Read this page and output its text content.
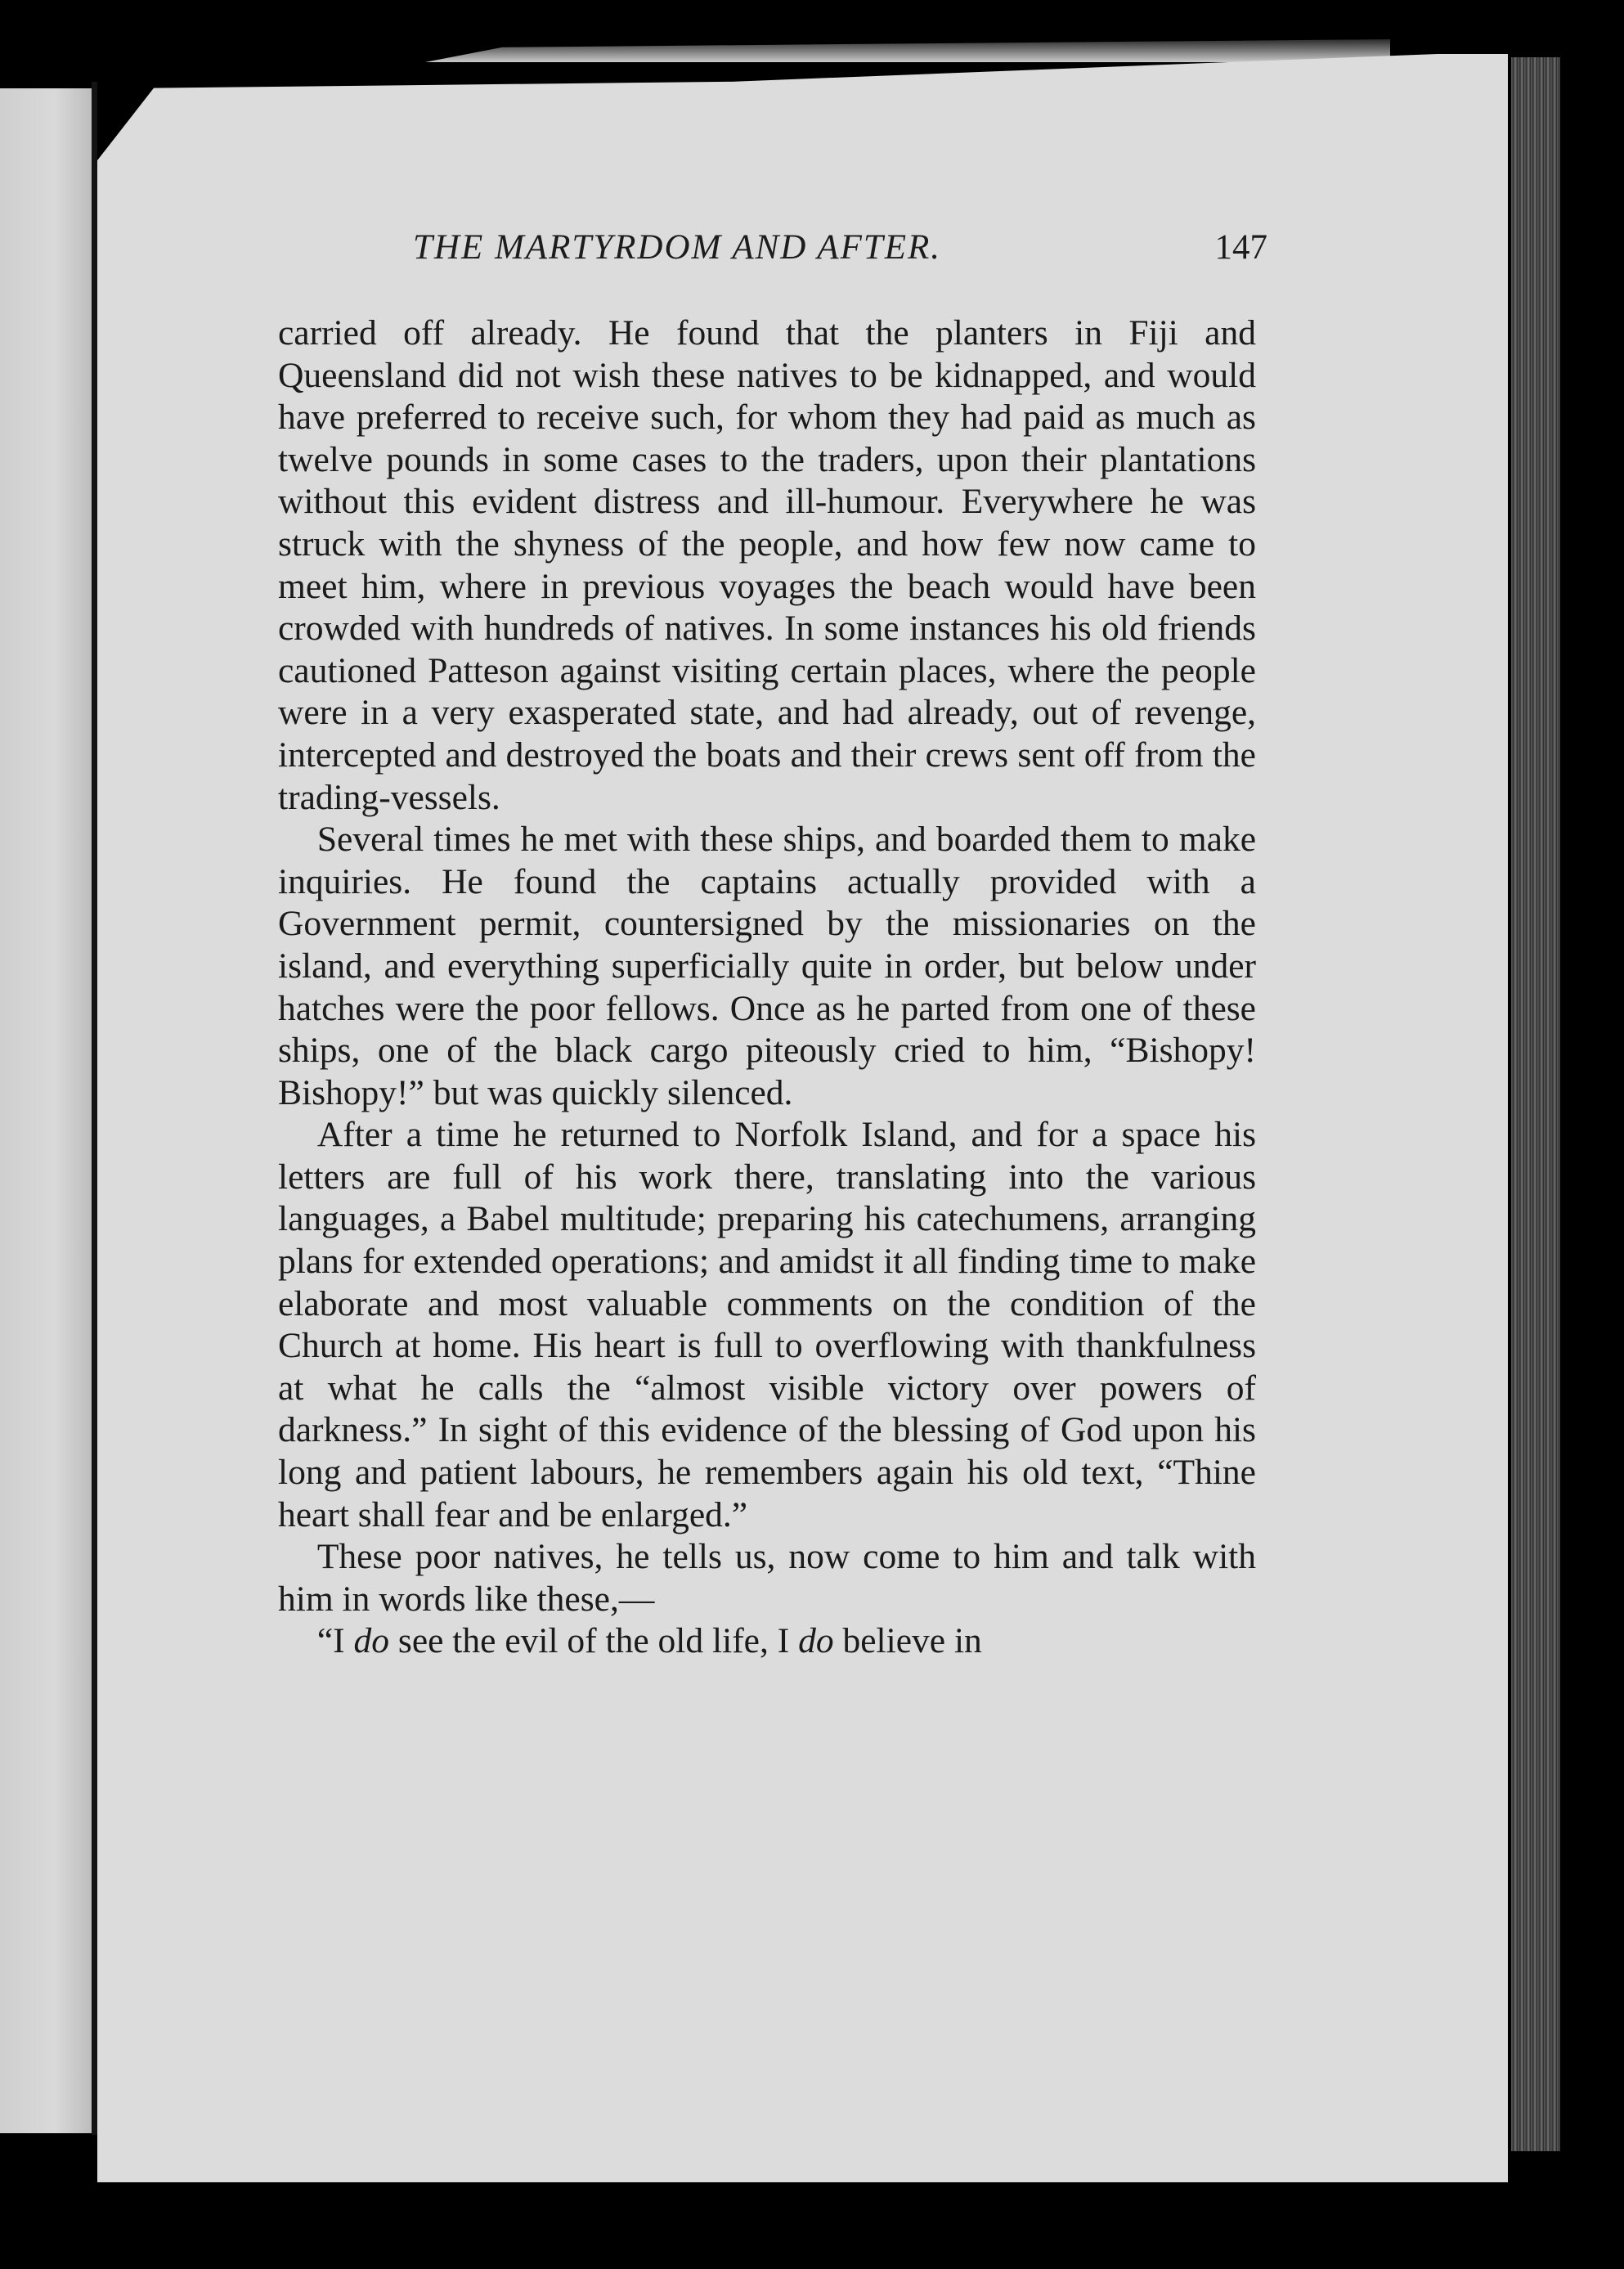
THE MARTYRDOM AND AFTER.	147

carried off already. He found that the planters in Fiji and Queensland did not wish these natives to be kidnapped, and would have preferred to receive such, for whom they had paid as much as twelve pounds in some cases to the traders, upon their plantations without this evident distress and ill-humour. Everywhere he was struck with the shyness of the people, and how few now came to meet him, where in previous voyages the beach would have been crowded with hundreds of natives. In some instances his old friends cautioned Patteson against visiting certain places, where the people were in a very exasperated state, and had already, out of revenge, intercepted and destroyed the boats and their crews sent off from the trading-vessels.

Several times he met with these ships, and boarded them to make inquiries. He found the captains actually provided with a Government permit, countersigned by the missionaries on the island, and everything superficially quite in order, but below under hatches were the poor fellows. Once as he parted from one of these ships, one of the black cargo piteously cried to him, “Bishopy! Bishopy!” but was quickly silenced.

After a time he returned to Norfolk Island, and for a space his letters are full of his work there, translating into the various languages, a Babel multitude; preparing his catechumens, arranging plans for extended operations; and amidst it all finding time to make elaborate and most valuable comments on the condition of the Church at home. His heart is full to overflowing with thankfulness at what he calls the “almost visible victory over powers of darkness.” In sight of this evidence of the blessing of God upon his long and patient labours, he remembers again his old text, “Thine heart shall fear and be enlarged.”

These poor natives, he tells us, now come to him and talk with him in words like these,—

“I do see the evil of the old life, I do believe in
